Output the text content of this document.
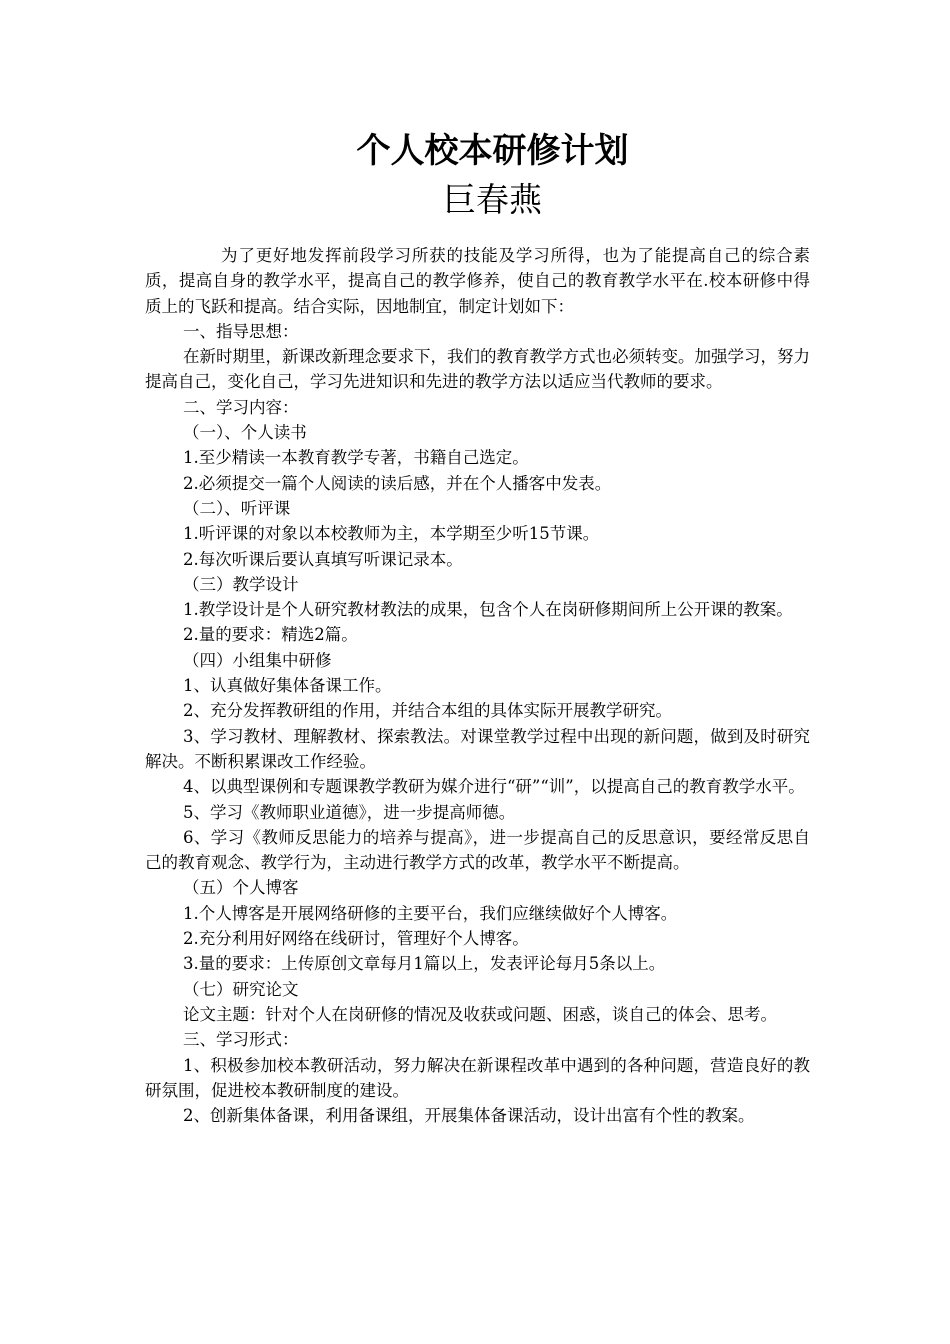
个人校本研修计划
巨春燕

为了更好地发挥前段学习所获的技能及学习所得，也为了能提高自己的综合素质，提高自身的教学水平，提高自己的教学修养，使自己的教育教学水平在.校本研修中得质上的飞跃和提高。结合实际，因地制宜，制定计划如下：

一、指导思想：

在新时期里，新课改新理念要求下，我们的教育教学方式也必须转变。加强学习，努力提高自己，变化自己，学习先进知识和先进的教学方法以适应当代教师的要求。

二、学习内容：

（一）、个人读书

1.至少精读一本教育教学专著，书籍自己选定。

2.必须提交一篇个人阅读的读后感，并在个人播客中发表。

（二）、听评课

1.听评课的对象以本校教师为主，本学期至少听15节课。

2.每次听课后要认真填写听课记录本。

（三）教学设计

1.教学设计是个人研究教材教法的成果，包含个人在岗研修期间所上公开课的教案。

2.量的要求：精选2篇。

（四）小组集中研修

1、认真做好集体备课工作。

2、充分发挥教研组的作用，并结合本组的具体实际开展教学研究。

3、学习教材、理解教材、探索教法。对课堂教学过程中出现的新问题，做到及时研究解决。不断积累课改工作经验。

4、以典型课例和专题课教学教研为媒介进行“研”“训”，以提高自己的教育教学水平。

5、学习《教师职业道德》，进一步提高师德。

6、学习《教师反思能力的培养与提高》，进一步提高自己的反思意识，要经常反思自己的教育观念、教学行为，主动进行教学方式的改革，教学水平不断提高。

（五）个人博客

1.个人博客是开展网络研修的主要平台，我们应继续做好个人博客。

2.充分利用好网络在线研讨，管理好个人博客。

3.量的要求：上传原创文章每月1篇以上，发表评论每月5条以上。

（七）研究论文

论文主题：针对个人在岗研修的情况及收获或问题、困惑，谈自己的体会、思考。

三、学习形式：

1、积极参加校本教研活动，努力解决在新课程改革中遇到的各种问题，营造良好的教研氛围，促进校本教研制度的建设。

2、创新集体备课，利用备课组，开展集体备课活动，设计出富有个性的教案。
